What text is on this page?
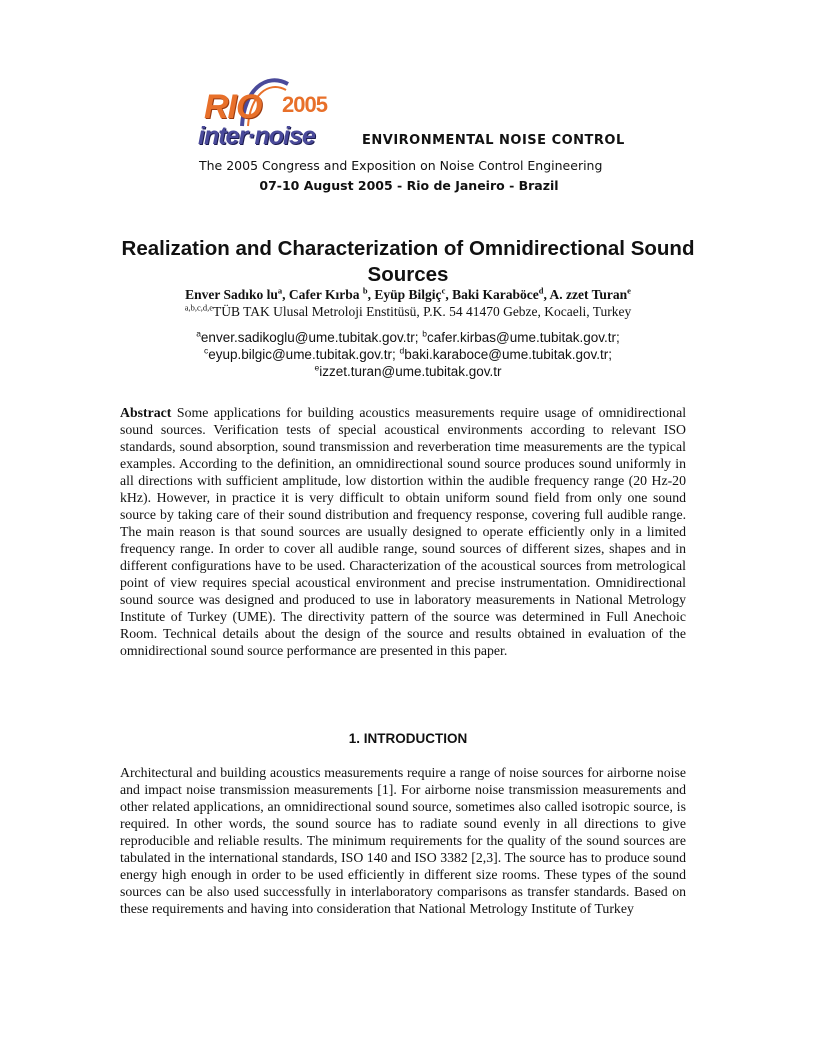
RIO 2005
inter·noise	ENVIRONMENTAL NOISE CONTROL
The 2005 Congress and Exposition on Noise Control Engineering
07-10 August 2005 - Rio de Janeiro - Brazil
Realization and Characterization of Omnidirectional Sound Sources
Enver Sadıko $lu^a$, Cafer Kırba $^b$, Eyüp Bilgiç$^c$, Baki Karaböce$^d$, A. zzet Turan$^e$
$^{a,b,c,d,e}$TÜB TAK Ulusal Metroloji Enstitüsü, P.K. 54 41470 Gebze, Kocaeli, Turkey
$^a$enver.sadikoglu@ume.tubitak.gov.tr; $^b$cafer.kirbas@ume.tubitak.gov.tr;
$^c$eyup.bilgic@ume.tubitak.gov.tr; $^d$baki.karaboce@ume.tubitak.gov.tr;
$^e$izzet.turan@ume.tubitak.gov.tr
Abstract Some applications for building acoustics measurements require usage of omnidirectional sound sources. Verification tests of special acoustical environments according to relevant ISO standards, sound absorption, sound transmission and reverberation time measurements are the typical examples. According to the definition, an omnidirectional sound source produces sound uniformly in all directions with sufficient amplitude, low distortion within the audible frequency range (20 Hz-20 kHz). However, in practice it is very difficult to obtain uniform sound field from only one sound source by taking care of their sound distribution and frequency response, covering full audible range. The main reason is that sound sources are usually designed to operate efficiently only in a limited frequency range. In order to cover all audible range, sound sources of different sizes, shapes and in different configurations have to be used. Characterization of the acoustical sources from metrological point of view requires special acoustical environment and precise instrumentation. Omnidirectional sound source was designed and produced to use in laboratory measurements in National Metrology Institute of Turkey (UME). The directivity pattern of the source was determined in Full Anechoic Room. Technical details about the design of the source and results obtained in evaluation of the omnidirectional sound source performance are presented in this paper.
1. INTRODUCTION
Architectural and building acoustics measurements require a range of noise sources for airborne noise and impact noise transmission measurements [1]. For airborne noise transmission measurements and other related applications, an omnidirectional sound source, sometimes also called isotropic source, is required. In other words, the sound source has to radiate sound evenly in all directions to give reproducible and reliable results. The minimum requirements for the quality of the sound sources are tabulated in the international standards, ISO 140 and ISO 3382 [2,3]. The source has to produce sound energy high enough in order to be used efficiently in different size rooms. These types of the sound sources can be also used successfully in interlaboratory comparisons as transfer standards. Based on these requirements and having into consideration that National Metrology Institute of Turkey
